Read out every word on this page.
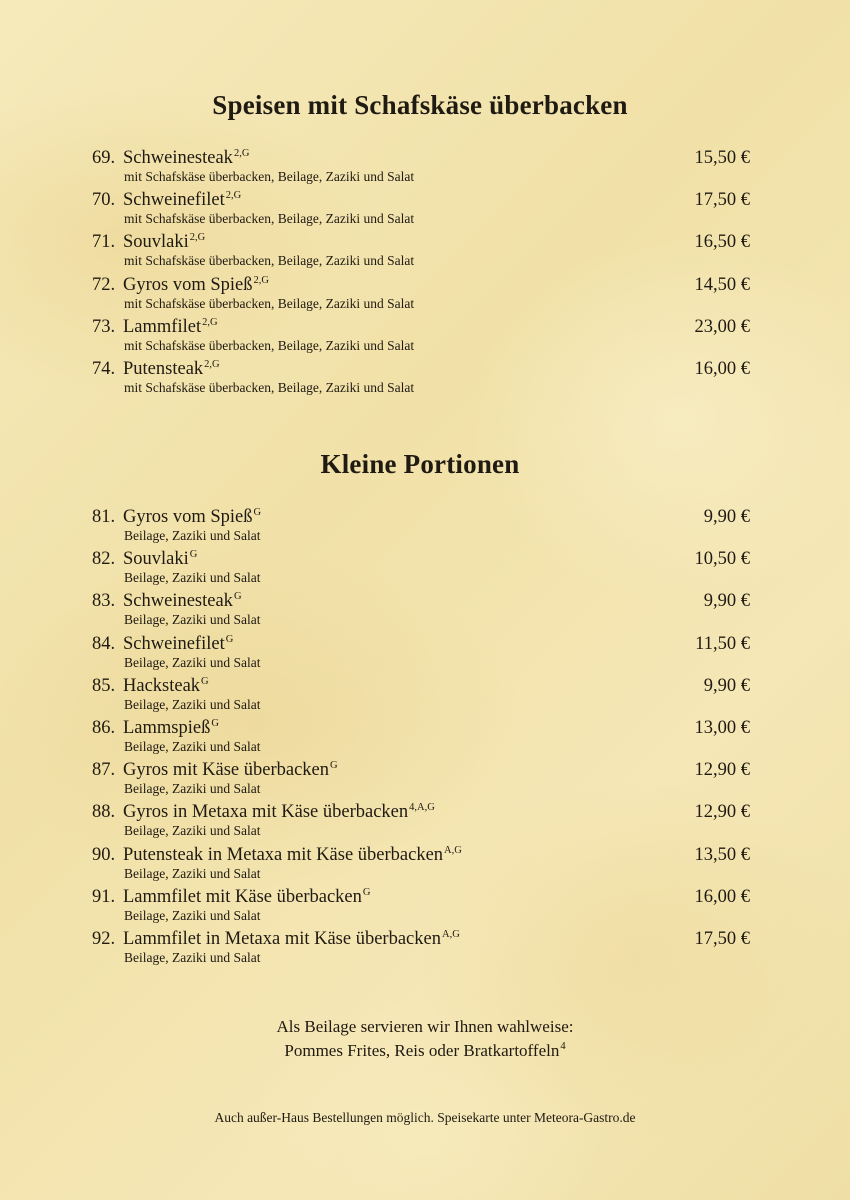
Speisen mit Schafskäse überbacken
69. Schweinesteak$^{2,G}$	15,50 €
mit Schafskäse überbacken, Beilage, Zaziki und Salat
70. Schweinefilet$^{2,G}$	17,50 €
mit Schafskäse überbacken, Beilage, Zaziki und Salat
71. Souvlaki$^{2,G}$	16,50 €
mit Schafskäse überbacken, Beilage, Zaziki und Salat
72. Gyros vom Spieß$^{2,G}$	14,50 €
mit Schafskäse überbacken, Beilage, Zaziki und Salat
73. Lammfilet$^{2,G}$	23,00 €
mit Schafskäse überbacken, Beilage, Zaziki und Salat
74. Putensteak$^{2,G}$	16,00 €
mit Schafskäse überbacken, Beilage, Zaziki und Salat
Kleine Portionen
81. Gyros vom Spieß$^G$	9,90 €
Beilage, Zaziki und Salat
82. Souvlaki$^G$	10,50 €
Beilage, Zaziki und Salat
83. Schweinesteak$^G$	9,90 €
Beilage, Zaziki und Salat
84. Schweinefilet$^G$	11,50 €
Beilage, Zaziki und Salat
85. Hacksteak$^G$	9,90 €
Beilage, Zaziki und Salat
86. Lammspieß$^G$	13,00 €
Beilage, Zaziki und Salat
87. Gyros mit Käse überbacken$^G$	12,90 €
Beilage, Zaziki und Salat
88. Gyros in Metaxa mit Käse überbacken$^{4,A,G}$	12,90 €
Beilage, Zaziki und Salat
90. Putensteak in Metaxa mit Käse überbacken$^{A,G}$	13,50 €
Beilage, Zaziki und Salat
91. Lammfilet mit Käse überbacken$^G$	16,00 €
Beilage, Zaziki und Salat
92. Lammfilet in Metaxa mit Käse überbacken$^{A,G}$	17,50 €
Beilage, Zaziki und Salat
Als Beilage servieren wir Ihnen wahlweise:
Pommes Frites, Reis oder Bratkartoffeln$^4$
Auch außer-Haus Bestellungen möglich. Speisekarte unter Meteora-Gastro.de
